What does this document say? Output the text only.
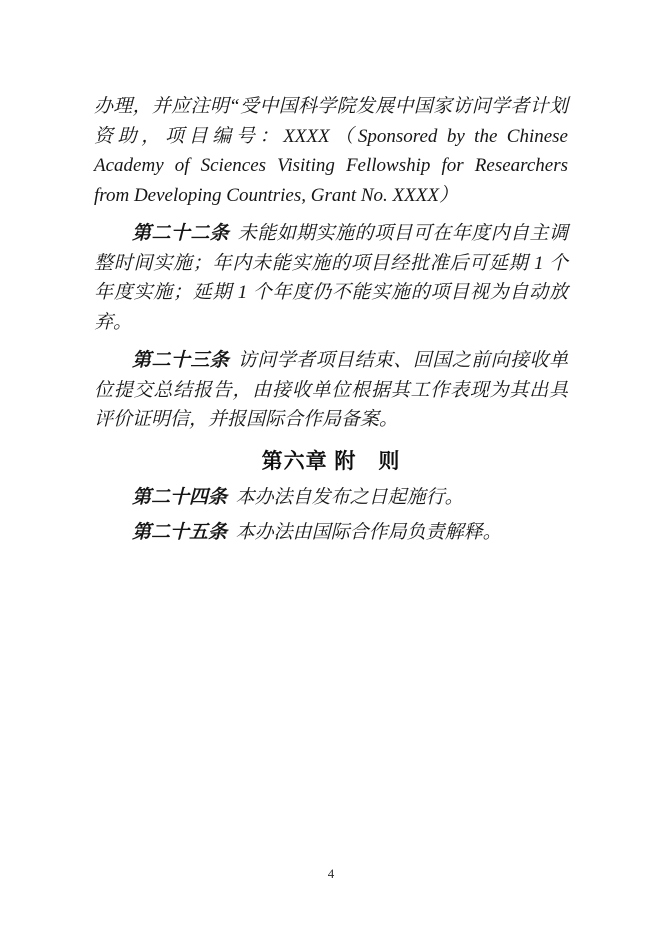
办理，并应注明“受中国科学院发展中国家访问学者计划资助，项目编号：XXXX（Sponsored by the Chinese Academy of Sciences Visiting Fellowship for Researchers from Developing Countries, Grant No. XXXX）

第二十二条 未能如期实施的项目可在年度内自主调整时间实施；年内未能实施的项目经批准后可延期 1 个年度实施；延期 1 个年度仍不能实施的项目视为自动放弃。

第二十三条 访问学者项目结束、回国之前向接收单位提交总结报告，由接收单位根据其工作表现为其出具评价证明信，并报国际合作局备案。

第六章 附　则

第二十四条 本办法自发布之日起施行。

第二十五条 本办法由国际合作局负责解释。

4
